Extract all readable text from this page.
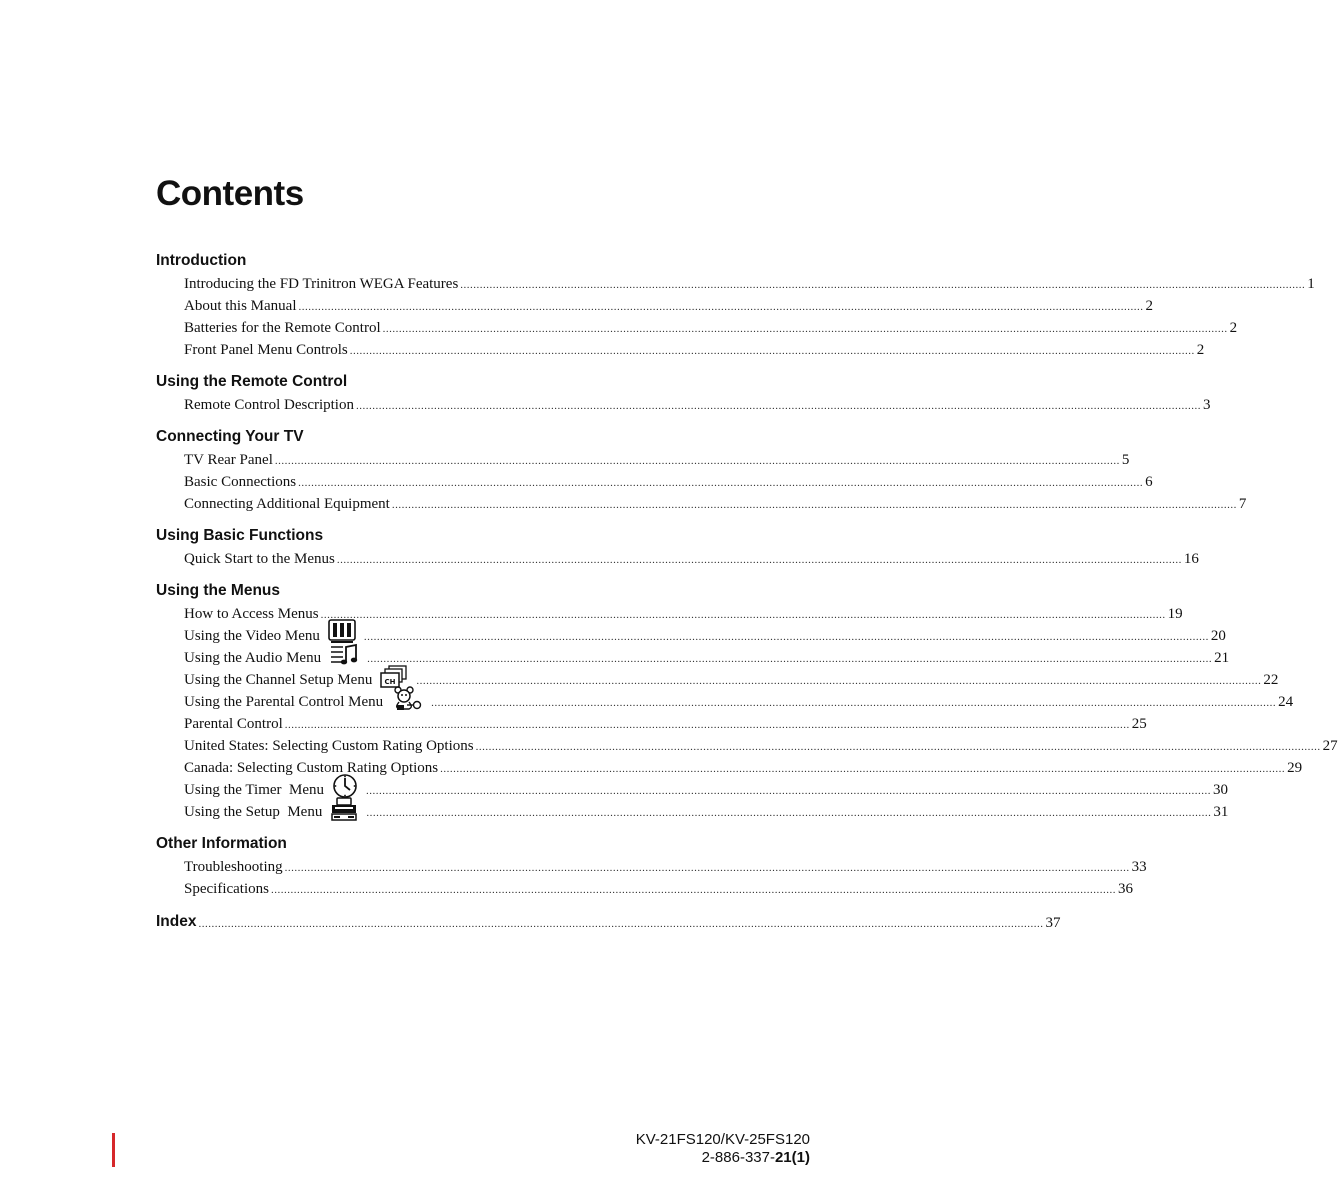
Contents
Introduction
Introducing the FD Trinitron WEGA Features .................................................................................................................................................................................................................................................................... 1
About this Manual .................................................................................................................................................................................................................................................................... 2
Batteries for the Remote Control .................................................................................................................................................................................................................................................................... 2
Front Panel Menu Controls .................................................................................................................................................................................................................................................................... 2
Using the Remote Control
Remote Control Description .................................................................................................................................................................................................................................................................... 3
Connecting Your TV
TV Rear Panel .................................................................................................................................................................................................................................................................... 5
Basic Connections .................................................................................................................................................................................................................................................................... 6
Connecting Additional Equipment .................................................................................................................................................................................................................................................................... 7
Using Basic Functions
Quick Start to the Menus .................................................................................................................................................................................................................................................................... 16
Using the Menus
How to Access Menus .................................................................................................................................................................................................................................................................... 19
Using the Video Menu	.................................................................................................................................................................................................................................................................... 20
Using the Audio Menu	.................................................................................................................................................................................................................................................................... 21
Using the Channel Setup Menu CH .................................................................................................................................................................................................................................................................... 22
Using the Parental Control Menu	.................................................................................................................................................................................................................................................................... 24
Parental Control .................................................................................................................................................................................................................................................................... 25
United States: Selecting Custom Rating Options .................................................................................................................................................................................................................................................................... 27
Canada: Selecting Custom Rating Options .................................................................................................................................................................................................................................................................... 29
Using the Timer  Menu	.................................................................................................................................................................................................................................................................... 30
Using the Setup  Menu	.................................................................................................................................................................................................................................................................... 31
Other Information
Troubleshooting .................................................................................................................................................................................................................................................................... 33
Specifications .................................................................................................................................................................................................................................................................... 36
Index .................................................................................................................................................................................................................................................................... 37
KV-21FS120/KV-25FS120
2-886-337-21(1)
